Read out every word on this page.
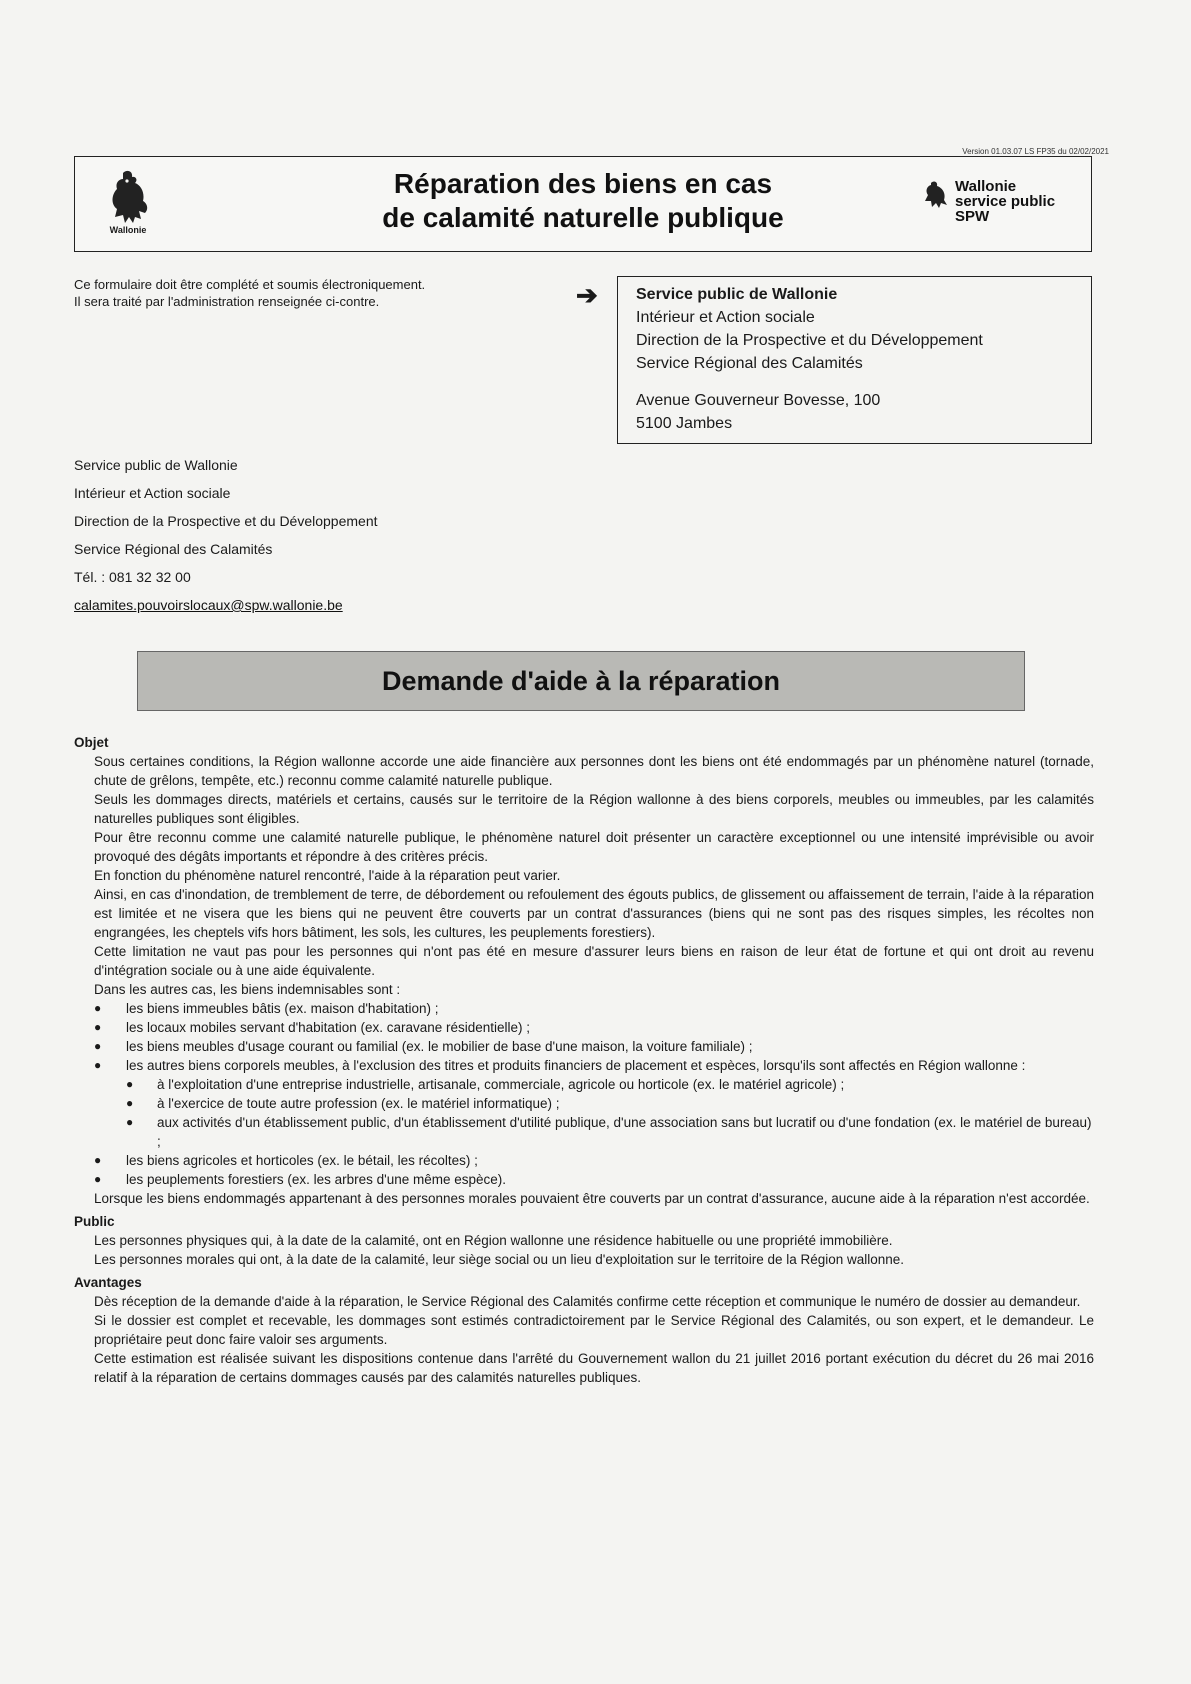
Version 01.03.07 LS FP35 du 02/02/2021
Wallonie
Réparation des biens en cas
de calamité naturelle publique
Wallonie
service public
SPW
Ce formulaire doit être complété et soumis électroniquement.
Il sera traité par l'administration renseignée ci-contre.	➔ Service public de Wallonie
Intérieur et Action sociale
Direction de la Prospective et du Développement
Service Régional des Calamités
Avenue Gouverneur Bovesse, 100
5100 Jambes
Service public de Wallonie
Intérieur et Action sociale
Direction de la Prospective et du Développement
Service Régional des Calamités
Tél. : 081 32 32 00
calamites.pouvoirslocaux@spw.wallonie.be
Demande d'aide à la réparation
Objet

Sous certaines conditions, la Région wallonne accorde une aide financière aux personnes dont les biens ont été endommagés par un phénomène naturel (tornade, chute de grêlons, tempête, etc.) reconnu comme calamité naturelle publique.

Seuls les dommages directs, matériels et certains, causés sur le territoire de la Région wallonne à des biens corporels, meubles ou immeubles, par les calamités naturelles publiques sont éligibles.

Pour être reconnu comme une calamité naturelle publique, le phénomène naturel doit présenter un caractère exceptionnel ou une intensité imprévisible ou avoir provoqué des dégâts importants et répondre à des critères précis.

En fonction du phénomène naturel rencontré, l'aide à la réparation peut varier.

Ainsi, en cas d'inondation, de tremblement de terre, de débordement ou refoulement des égouts publics, de glissement ou affaissement de terrain, l'aide à la réparation est limitée et ne visera que les biens qui ne peuvent être couverts par un contrat d'assurances (biens qui ne sont pas des risques simples, les récoltes non engrangées, les cheptels vifs hors bâtiment, les sols, les cultures, les peuplements forestiers).

Cette limitation ne vaut pas pour les personnes qui n'ont pas été en mesure d'assurer leurs biens en raison de leur état de fortune et qui ont droit au revenu d'intégration sociale ou à une aide équivalente.

Dans les autres cas, les biens indemnisables sont :

● les biens immeubles bâtis (ex. maison d'habitation) ;
● les locaux mobiles servant d'habitation (ex. caravane résidentielle) ;
● les biens meubles d'usage courant ou familial (ex. le mobilier de base d'une maison, la voiture familiale) ;
● les autres biens corporels meubles, à l'exclusion des titres et produits financiers de placement et espèces, lorsqu'ils sont affectés en Région wallonne :
● à l'exploitation d'une entreprise industrielle, artisanale, commerciale, agricole ou horticole (ex. le matériel agricole) ;
● à l'exercice de toute autre profession (ex. le matériel informatique) ;
● aux activités d'un établissement public, d'un établissement d'utilité publique, d'une association sans but lucratif ou d'une fondation (ex. le matériel de bureau) ;
● les biens agricoles et horticoles (ex. le bétail, les récoltes) ;
● les peuplements forestiers (ex. les arbres d'une même espèce).

Lorsque les biens endommagés appartenant à des personnes morales pouvaient être couverts par un contrat d'assurance, aucune aide à la réparation n'est accordée.

Public

Les personnes physiques qui, à la date de la calamité, ont en Région wallonne une résidence habituelle ou une propriété immobilière.

Les personnes morales qui ont, à la date de la calamité, leur siège social ou un lieu d'exploitation sur le territoire de la Région wallonne.

Avantages

Dès réception de la demande d'aide à la réparation, le Service Régional des Calamités confirme cette réception et communique le numéro de dossier au demandeur.

Si le dossier est complet et recevable, les dommages sont estimés contradictoirement par le Service Régional des Calamités, ou son expert, et le demandeur. Le propriétaire peut donc faire valoir ses arguments.

Cette estimation est réalisée suivant les dispositions contenue dans l'arrêté du Gouvernement wallon du 21 juillet 2016 portant exécution du décret du 26 mai 2016 relatif à la réparation de certains dommages causés par des calamités naturelles publiques.
